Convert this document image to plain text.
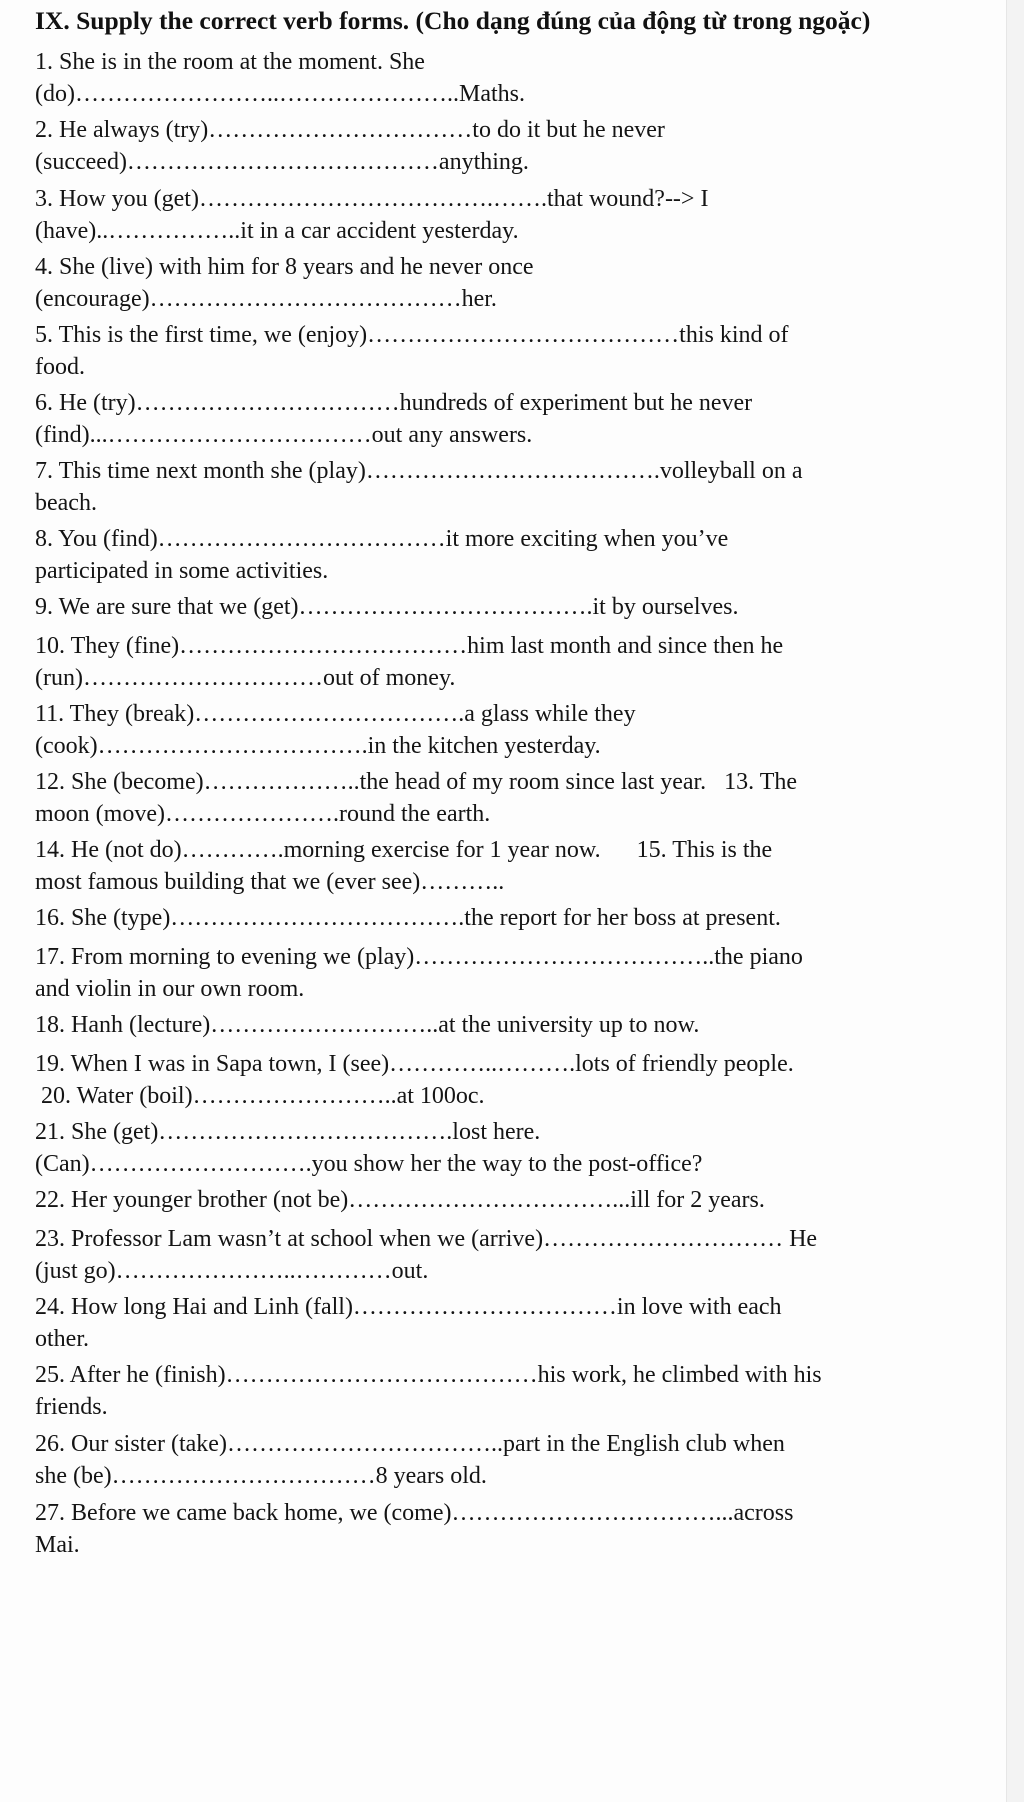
IX. Supply the correct verb forms. (Cho dạng đúng của động từ trong ngoặc)

1. She is in the room at the moment. She
(do)……………………..…………………..Maths.

2. He always (try)……………………………to do it but he never
(succeed)…………………………………anything.

3. How you (get)……………………………….…….that wound?--> I
(have)..……………..it in a car accident yesterday.

4. She (live) with him for 8 years and he never once
(encourage)…………………………………her.

5. This is the first time, we (enjoy)…………………………………this kind of
food.

6. He (try)……………………………hundreds of experiment but he never
(find)...……………………………out any answers.

7. This time next month she (play)……………………………….volleyball on a
beach.

8. You (find)………………………………it more exciting when you’ve
participated in some activities.

9. We are sure that we (get)……………………………….it by ourselves.

10. They (fine)………………………………him last month and since then he
(run)…………………………out of money.

11. They (break)…………………………….a glass while they
(cook)…………………………….in the kitchen yesterday.

12. She (become)………………..the head of my room since last year.   13. The
moon (move)………………….round the earth.

14. He (not do)………….morning exercise for 1 year now.      15. This is the
most famous building that we (ever see)………..

16. She (type)……………………………….the report for her boss at present.

17. From morning to evening we (play)………………………………..the piano
and violin in our own room.

18. Hanh (lecture)………………………..at the university up to now.

19. When I was in Sapa town, I (see)…………..……….lots of friendly people.
20. Water (boil)……………………..at 100oc.

21. She (get)……………………………….lost here.
(Can)……………………….you show her the way to the post-office?

22. Her younger brother (not be)……………………………...ill for 2 years.

23. Professor Lam wasn’t at school when we (arrive)………………………… He
(just go)…………………..…………out.

24. How long Hai and Linh (fall)……………………………in love with each
other.

25. After he (finish)…………………………………his work, he climbed with his
friends.

26. Our sister (take)……………………………..part in the English club when
she (be)……………………………8 years old.

27. Before we came back home, we (come)……………………………...across
Mai.
